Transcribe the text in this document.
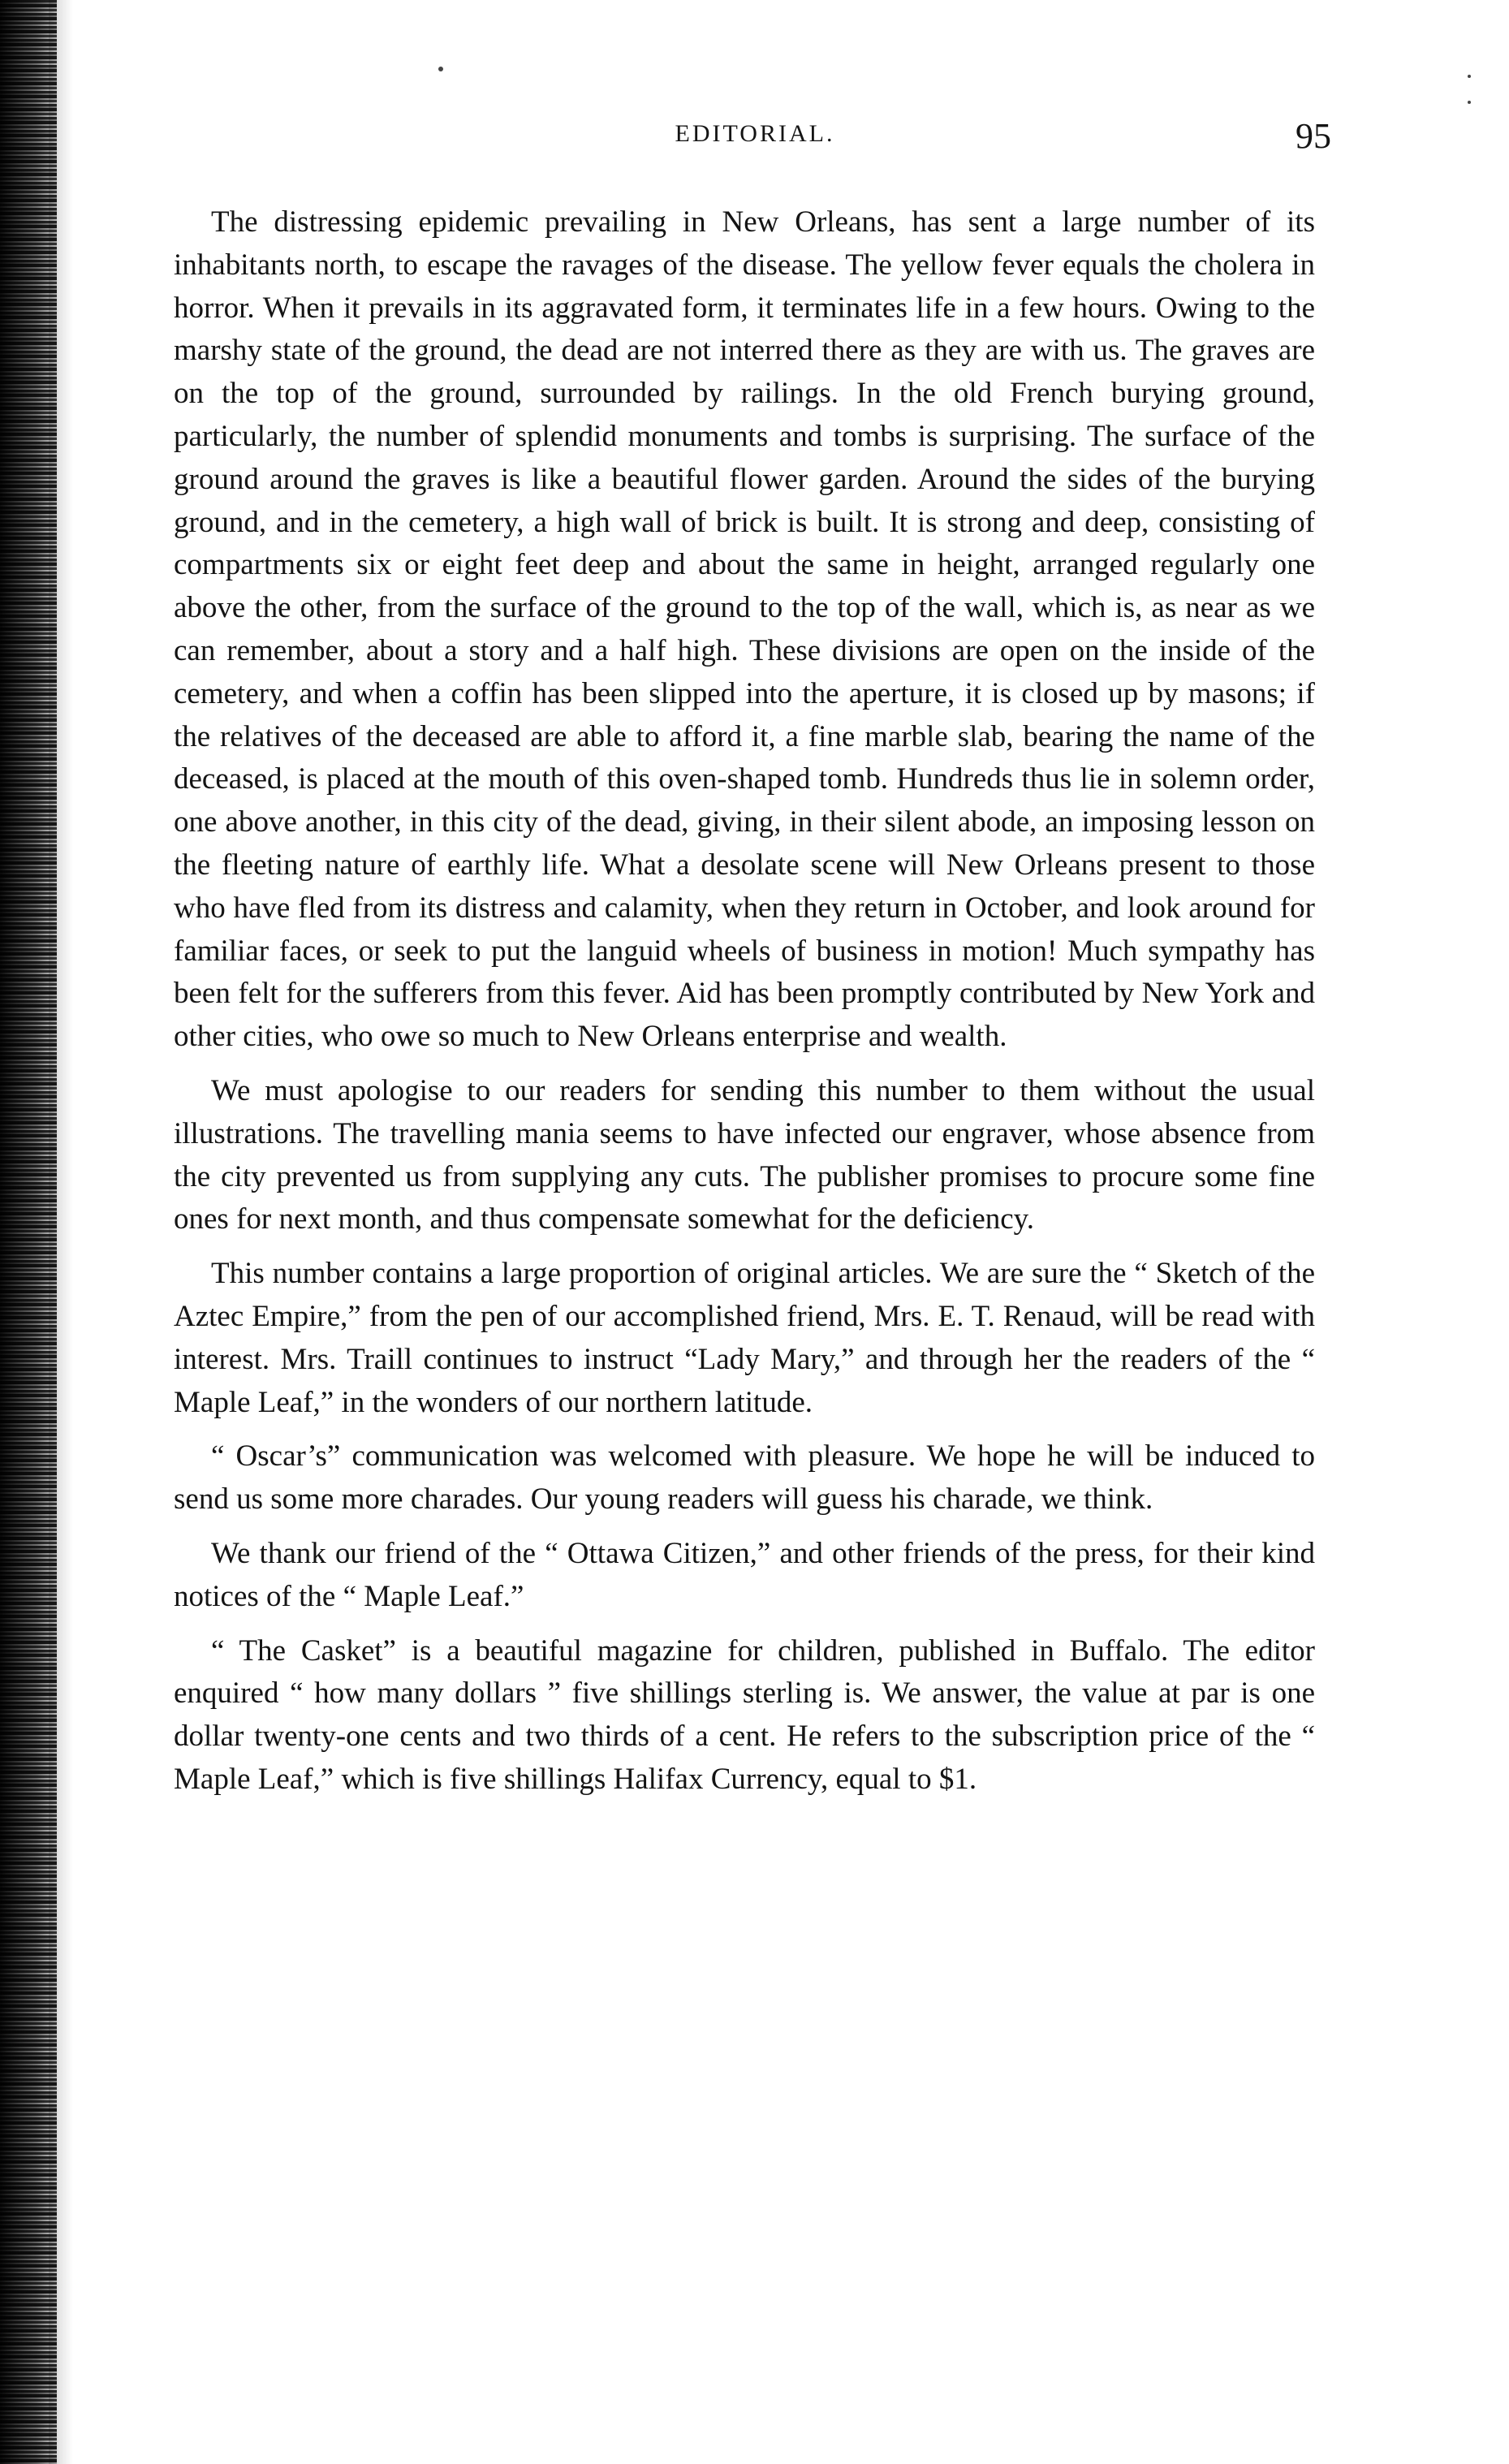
EDITORIAL.	95

The distressing epidemic prevailing in New Orleans, has sent a large number of its inhabitants north, to escape the ravages of the disease. The yellow fever equals the cholera in horror. When it prevails in its aggravated form, it terminates life in a few hours. Owing to the marshy state of the ground, the dead are not interred there as they are with us. The graves are on the top of the ground, surrounded by railings. In the old French burying ground, particularly, the number of splendid monuments and tombs is surprising. The surface of the ground around the graves is like a beautiful flower garden. Around the sides of the burying ground, and in the cemetery, a high wall of brick is built. It is strong and deep, consisting of compartments six or eight feet deep and about the same in height, arranged regularly one above the other, from the surface of the ground to the top of the wall, which is, as near as we can remember, about a story and a half high. These divisions are open on the inside of the cemetery, and when a coffin has been slipped into the aperture, it is closed up by masons; if the relatives of the deceased are able to afford it, a fine marble slab, bearing the name of the deceased, is placed at the mouth of this oven-shaped tomb. Hundreds thus lie in solemn order, one above another, in this city of the dead, giving, in their silent abode, an imposing lesson on the fleeting nature of earthly life. What a desolate scene will New Orleans present to those who have fled from its distress and calamity, when they return in October, and look around for familiar faces, or seek to put the languid wheels of business in motion! Much sympathy has been felt for the sufferers from this fever. Aid has been promptly contributed by New York and other cities, who owe so much to New Orleans enterprise and wealth.

We must apologise to our readers for sending this number to them without the usual illustrations. The travelling mania seems to have infected our engraver, whose absence from the city prevented us from supplying any cuts. The publisher promises to procure some fine ones for next month, and thus compensate somewhat for the deficiency.

This number contains a large proportion of original articles. We are sure the “ Sketch of the Aztec Empire,” from the pen of our accomplished friend, Mrs. E. T. Renaud, will be read with interest. Mrs. Traill continues to instruct “Lady Mary,” and through her the readers of the “ Maple Leaf,” in the wonders of our northern latitude.

“ Oscar’s” communication was welcomed with pleasure. We hope he will be induced to send us some more charades. Our young readers will guess his charade, we think.

We thank our friend of the “ Ottawa Citizen,” and other friends of the press, for their kind notices of the “ Maple Leaf.”

“ The Casket” is a beautiful magazine for children, published in Buffalo. The editor enquired “ how many dollars ” five shillings sterling is. We answer, the value at par is one dollar twenty-one cents and two thirds of a cent. He refers to the subscription price of the “ Maple Leaf,” which is five shillings Halifax Currency, equal to $1.
